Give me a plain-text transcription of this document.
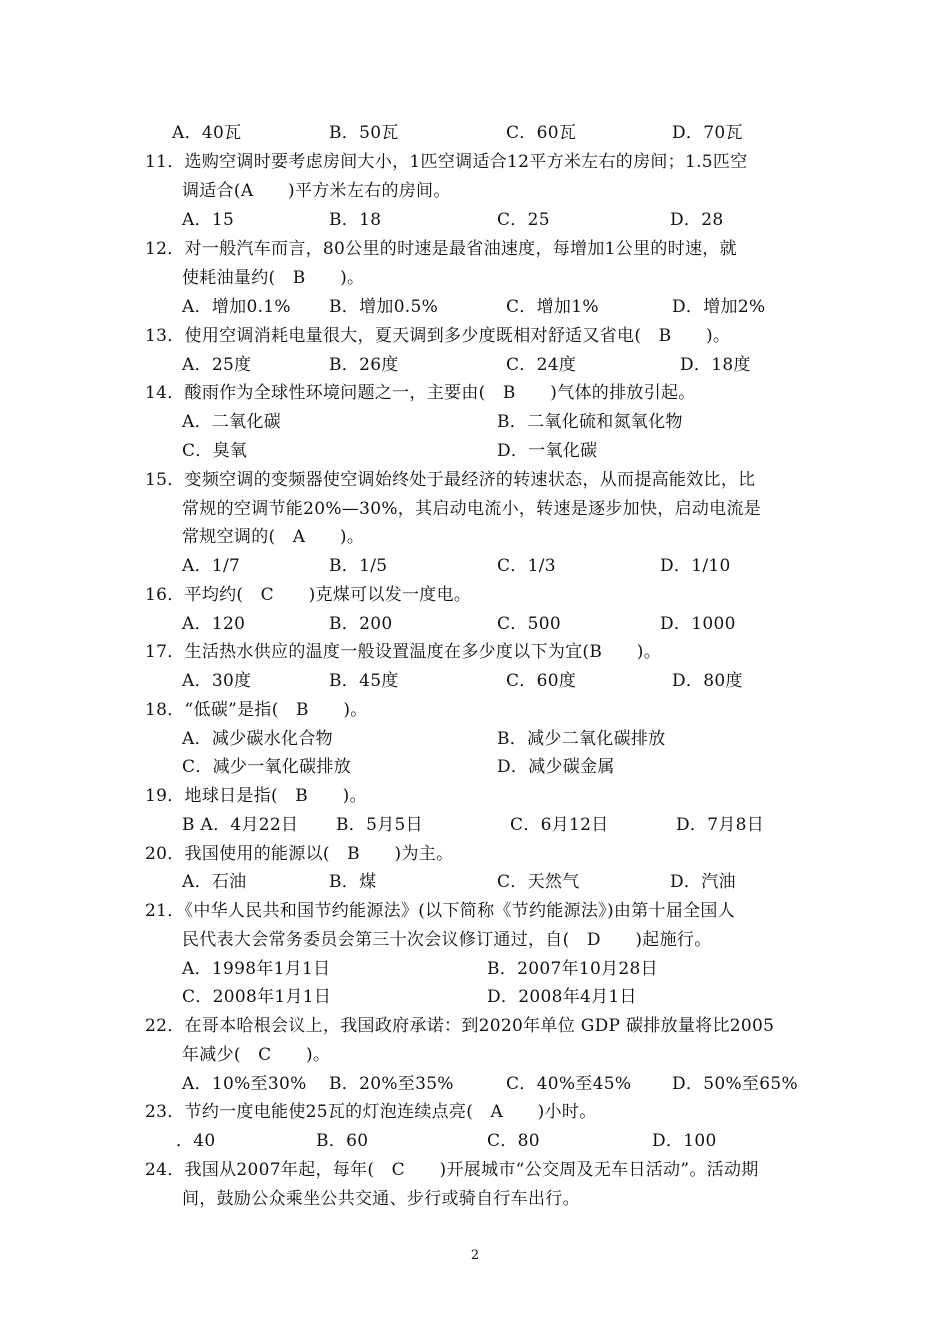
A．40瓦	B．50瓦	C．60瓦	D．70瓦
11．选购空调时要考虑房间大小，1匹空调适合12平方米左右的房间；1.5匹空
调适合(A　　)平方米左右的房间。
A．15	B．18	C．25	D．28
12．对一般汽车而言，80公里的时速是最省油速度，每增加1公里的时速，就
使耗油量约(　B　　)。
A．增加0.1% B．增加0.5%	C．增加1%	D．增加2%
13．使用空调消耗电量很大，夏天调到多少度既相对舒适又省电(　B　　)。
A．25度	B．26度	C．24度	D．18度
14．酸雨作为全球性环境问题之一，主要由(　B　　)气体的排放引起。
A．二氧化碳	B．二氧化硫和氮氧化物
C．臭氧	D．一氧化碳
15．变频空调的变频器使空调始终处于最经济的转速状态，从而提高能效比，比
常规的空调节能20%—30%，其启动电流小，转速是逐步加快，启动电流是
常规空调的(　A　　)。
A．1/7	B．1/5	C．1/3	D．1/10
16．平均约(　C　　)克煤可以发一度电。
A．120	B．200	C．500	D．1000
17．生活热水供应的温度一般设置温度在多少度以下为宜(B　　)。
A．30度	B．45度	C．60度	D．80度
18．“低碳”是指(　B　　)。
A．减少碳水化合物	B．减少二氧化碳排放
C．减少一氧化碳排放	D．减少碳金属
19．地球日是指(　B　　)。
B A．4月22日 B．5月5日	C．6月12日	D．7月8日
20．我国使用的能源以(　B　　)为主。
A．石油	B．煤	C．天然气	D．汽油
21．《中华人民共和国节约能源法》(以下简称《节约能源法》)由第十届全国人
民代表大会常务委员会第三十次会议修订通过，自(　D　　)起施行。
A．1998年1月1日	B．2007年10月28日
C．2008年1月1日	D．2008年4月1日
22．在哥本哈根会议上，我国政府承诺：到2020年单位 GDP 碳排放量将比2005
年减少(　C　　)。
A．10%至30% B．20%至35%	C．40%至45% D．50%至65%
23．节约一度电能使25瓦的灯泡连续点亮(　A　　)小时。
．40	B．60	C．80	D．100
24．我国从2007年起，每年(　C　　)开展城市“公交周及无车日活动”。活动期
间，鼓励公众乘坐公共交通、步行或骑自行车出行。
2
